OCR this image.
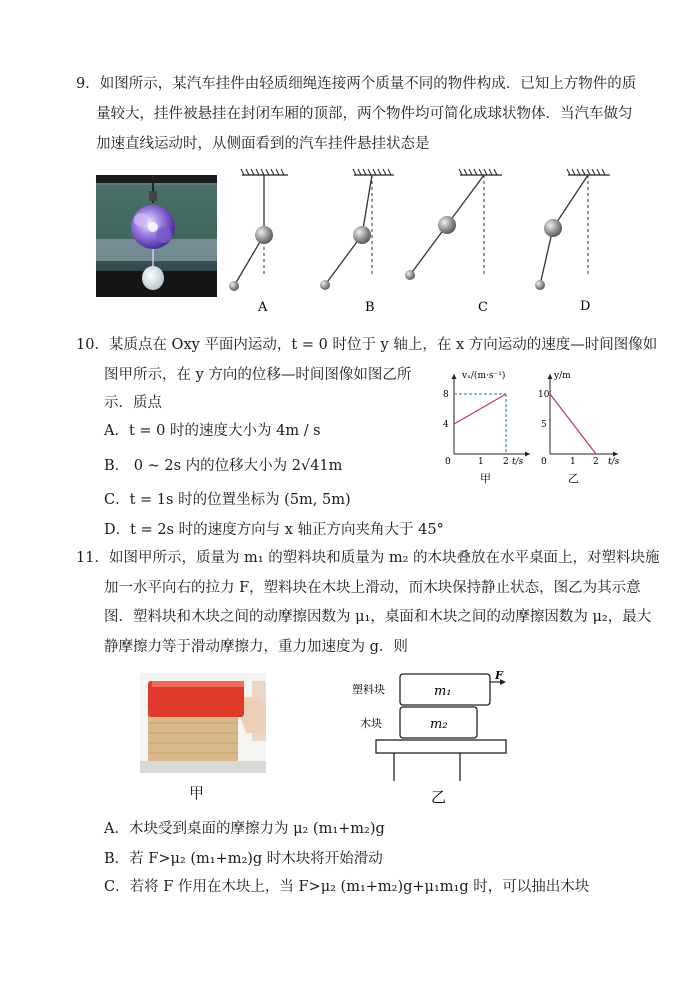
9．如图所示，某汽车挂件由轻质细绳连接两个质量不同的物件构成．已知上方物件的质
量较大，挂件被悬挂在封闭车厢的顶部，两个物件均可简化成球状物体．当汽车做匀
加速直线运动时，从侧面看到的汽车挂件悬挂状态是
A	B	C	D
10．某质点在 Oxy 平面内运动，t = 0 时位于 y 轴上，在 x 方向运动的速度—时间图像如
图甲所示，在 y 方向的位移—时间图像如图乙所
示．质点
A．t = 0 时的速度大小为 4m / s
B． 0 ~ 2s 内的位移大小为 2√41m
C．t = 1s 时的位置坐标为 (5m, 5m)
D．t = 2s 时的速度方向与 x 轴正方向夹角大于 45°
vₓ/(m·s⁻¹)
t/s
8
4
0	1 2
甲
y/m
t/s
10
5
0	1 2
乙
11．如图甲所示，质量为 m₁ 的塑料块和质量为 m₂ 的木块叠放在水平桌面上，对塑料块施
加一水平向右的拉力 F，塑料块在木块上滑动，而木块保持静止状态，图乙为其示意
图．塑料块和木块之间的动摩擦因数为 μ₁，桌面和木块之间的动摩擦因数为 μ₂，最大
静摩擦力等于滑动摩擦力，重力加速度为 g．则
甲
塑料块
木块
m₁
m₂
F
乙
A．木块受到桌面的摩擦力为 μ₂ (m₁+m₂)g
B．若 F>μ₂ (m₁+m₂)g 时木块将开始滑动
C．若将 F 作用在木块上，当 F>μ₂ (m₁+m₂)g+μ₁m₁g 时，可以抽出木块
